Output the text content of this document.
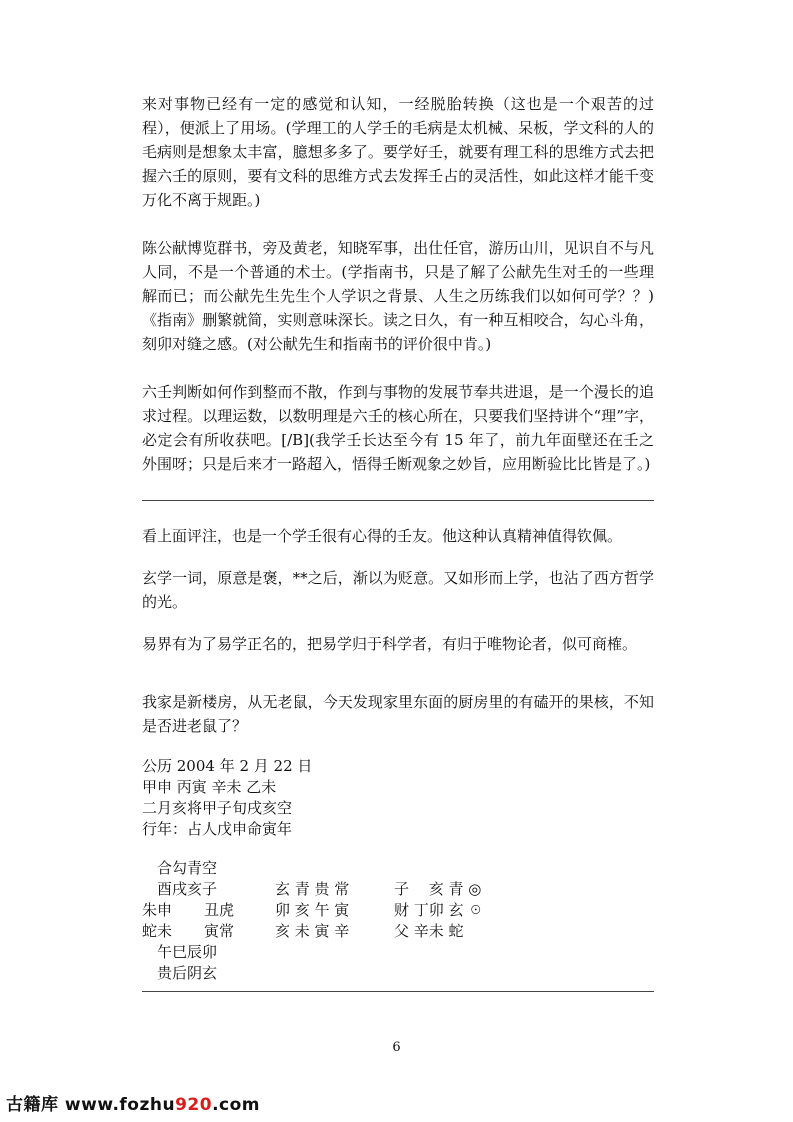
来对事物已经有一定的感觉和认知，一经脱胎转换（这也是一个艰苦的过程），便派上了用场。(学理工的人学壬的毛病是太机械、呆板，学文科的人的毛病则是想象太丰富，臆想多多了。要学好壬，就要有理工科的思维方式去把握六壬的原则，要有文科的思维方式去发挥壬占的灵活性，如此这样才能千变万化不离于规距。)

陈公献博览群书，旁及黄老，知晓军事，出仕任官，游历山川，见识自不与凡人同，不是一个普通的术士。(学指南书，只是了解了公献先生对壬的一些理解而已；而公献先生先生个人学识之背景、人生之历练我们以如何可学？？)《指南》删繁就简，实则意味深长。读之日久，有一种互相咬合，勾心斗角，刻卯对缝之感。(对公献先生和指南书的评价很中肯。)

六壬判断如何作到整而不散，作到与事物的发展节奉共进退，是一个漫长的追求过程。以理运数，以数明理是六壬的核心所在，只要我们坚持讲个“理”字，必定会有所收获吧。[/B](我学壬长达至今有 15 年了，前九年面壁还在壬之外围呀；只是后来才一路超入，悟得壬断观象之妙旨，应用断验比比皆是了。)

看上面评注，也是一个学壬很有心得的壬友。他这种认真精神值得钦佩。

玄学一词，原意是褒，**之后，渐以为贬意。又如形而上学，也沾了西方哲学的光。

易界有为了易学正名的，把易学归于科学者，有归于唯物论者，似可商榷。

我家是新楼房，从无老鼠，今天发现家里东面的厨房里的有磕开的果核，不知是否进老鼠了？

公历 2004 年 2 月 22 日
甲申 丙寅 辛未 乙未
二月亥将甲子旬戌亥空
行年：占人戊申命寅年
合勾青空
酉戌亥子
朱申 丑虎
蛇未 寅常
午巳辰卯
贵后阴玄
玄 青 贵 常
卯 亥 午 寅
亥 未 寅 辛
子　 亥 青 ◎
财 丁卯 玄 ☉
父 辛未 蛇
6
古籍库 www.fozhu920.com
